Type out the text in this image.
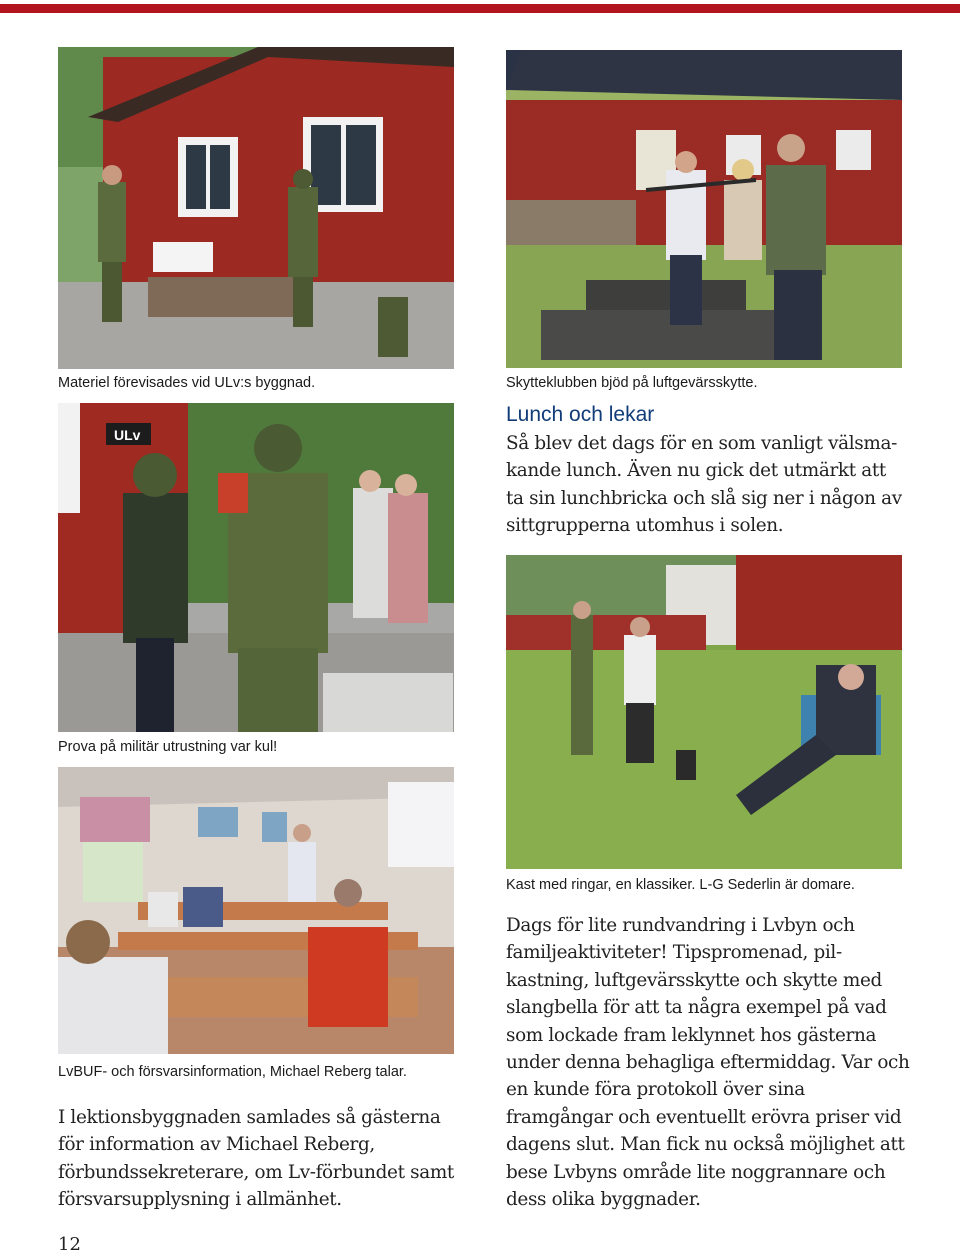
Materiel förevisades vid ULv:s byggnad.	Skytteklubben bjöd på luftgevärsskytte.
Lunch och lekar
Så blev det dags för en som vanligt välsma-
kande lunch. Även nu gick det utmärkt att
ta sin lunchbricka och slå sig ner i någon av
sittgrupperna utomhus i solen.
ULv
Prova på militär utrustning var kul!
Kast med ringar, en klassiker. L-G Sederlin är domare.
LvBUF- och försvarsinformation, Michael Reberg talar.
I lektionsbyggnaden samlades så gästerna
för information av Michael Reberg,
förbundssekreterare, om Lv-förbundet samt
försvarsupplysning i allmänhet.
Dags för lite rundvandring i Lvbyn och
familjeaktiviteter! Tipspromenad, pil-
kastning, luftgevärsskytte och skytte med
slangbella för att ta några exempel på vad
som lockade fram leklynnet hos gästerna
under denna behagliga eftermiddag. Var och
en kunde föra protokoll över sina
framgångar och eventuellt erövra priser vid
dagens slut. Man fick nu också möjlighet att
bese Lvbyns område lite noggrannare och
dess olika byggnader.
12
